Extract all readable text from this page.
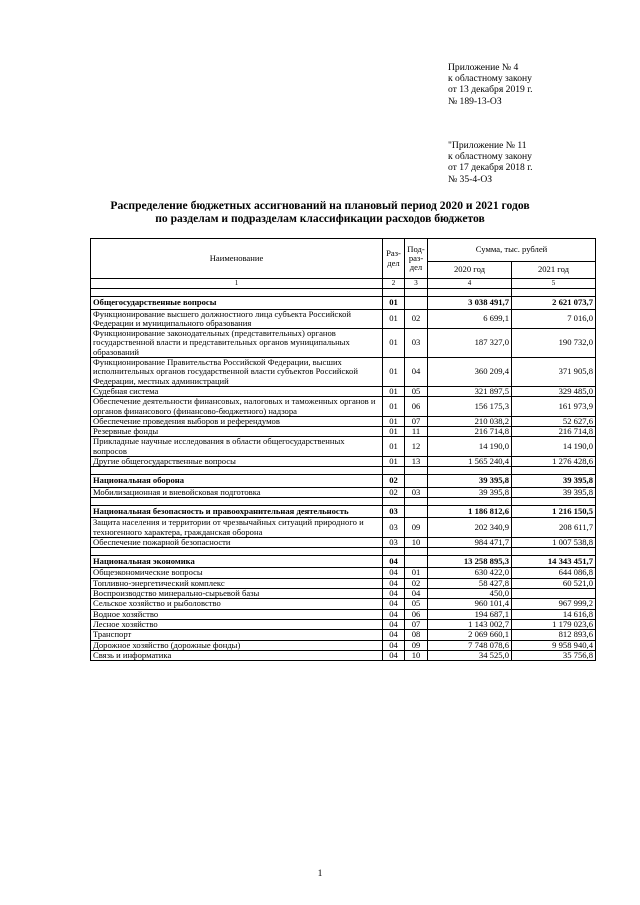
Приложение № 4
к областному закону
от 13 декабря 2019 г.
№ 189-13-ОЗ
"Приложение № 11
к областному закону
от 17 декабря 2018 г.
№ 35-4-ОЗ
Распределение бюджетных ассигнований на плановый период 2020 и 2021 годов
по разделам и подразделам классификации расходов бюджетов
Наименование	Раз-дел	Под-раз-дел	Сумма, тыс. рублей	
			2020 год	2021 год
1	2	3	4	5

Общегосударственные вопросы	01		3 038 491,7	2 621 073,7
Функционирование высшего должностного лица субъекта Российской Федерации и муниципального образования	01	02	6 699,1	7 016,0
Функционирование законодательных (представительных) органов государственной власти и представительных органов муниципальных образований	01	03	187 327,0	190 732,0
Функционирование Правительства Российской Федерации, высших исполнительных органов государственной власти субъектов Российской Федерации, местных администраций	01	04	360 209,4	371 905,8
Судебная система	01	05	321 897,5	329 485,0
Обеспечение деятельности финансовых, налоговых и таможенных органов и органов финансового (финансово-бюджетного) надзора	01	06	156 175,3	161 973,9
Обеспечение проведения выборов и референдумов	01	07	210 038,2	52 627,6
Резервные фонды	01	11	216 714,8	216 714,8
Прикладные научные исследования в области общегосударственных вопросов	01	12	14 190,0	14 190,0
Другие общегосударственные вопросы	01	13	1 565 240,4	1 276 428,6

Национальная оборона	02		39 395,8	39 395,8
Мобилизационная и вневойсковая подготовка	02	03	39 395,8	39 395,8

Национальная безопасность и правоохранительная деятельность	03		1 186 812,6	1 216 150,5
Защита населения и территории от чрезвычайных ситуаций природного и техногенного характера, гражданская оборона	03	09	202 340,9	208 611,7
Обеспечение пожарной безопасности	03	10	984 471,7	1 007 538,8

Национальная экономика	04		13 258 895,3	14 343 451,7
Общеэкономические вопросы	04	01	630 422,0	644 086,8
Топливно-энергетический комплекс	04	02	58 427,8	60 521,0
Воспроизводство минерально-сырьевой базы	04	04	450,0	
Сельское хозяйство и рыболовство	04	05	960 101,4	967 999,2
Водное хозяйство	04	06	194 687,1	14 616,8
Лесное хозяйство	04	07	1 143 002,7	1 179 023,6
Транспорт	04	08	2 069 660,1	812 893,6
Дорожное хозяйство (дорожные фонды)	04	09	7 748 078,6	9 958 940,4
Связь и информатика	04	10	34 525,0	35 756,8
1
